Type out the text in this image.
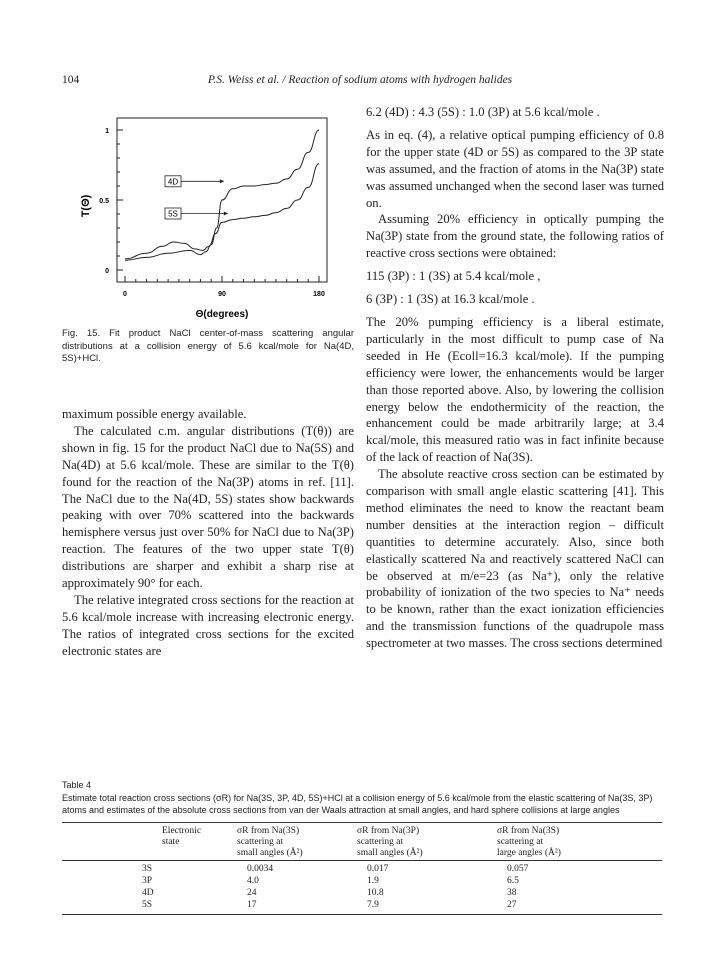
104	P.S. Weiss et al. / Reaction of sodium atoms with hydrogen halides
0
0.5
1
0	90	180
4D
5S
T(Θ)
Θ(degrees)
Fig. 15. Fit product NaCl center-of-mass scattering angular distributions at a collision energy of 5.6 kcal/mole for Na(4D, 5S)+HCl.

maximum possible energy available.

The calculated c.m. angular distributions (T(θ)) are shown in fig. 15 for the product NaCl due to Na(5S) and Na(4D) at 5.6 kcal/mole. These are similar to the T(θ) found for the reaction of the Na(3P) atoms in ref. [11]. The NaCl due to the Na(4D, 5S) states show backwards peaking with over 70% scattered into the backwards hemisphere versus just over 50% for NaCl due to Na(3P) reaction. The features of the two upper state T(θ) distributions are sharper and exhibit a sharp rise at approximately 90° for each.

The relative integrated cross sections for the reaction at 5.6 kcal/mole increase with increasing electronic energy. The ratios of integrated cross sections for the excited electronic states are

6.2 (4D) : 4.3 (5S) : 1.0 (3P) at 5.6 kcal/mole .

As in eq. (4), a relative optical pumping efficiency of 0.8 for the upper state (4D or 5S) as compared to the 3P state was assumed, and the fraction of atoms in the Na(3P) state was assumed unchanged when the second laser was turned on.

Assuming 20% efficiency in optically pumping the Na(3P) state from the ground state, the following ratios of reactive cross sections were obtained:

115 (3P) : 1 (3S) at 5.4 kcal/mole ,

6 (3P) : 1 (3S) at 16.3 kcal/mole .

The 20% pumping efficiency is a liberal estimate, particularly in the most difficult to pump case of Na seeded in He (Ecoll=16.3 kcal/mole). If the pumping efficiency were lower, the enhancements would be larger than those reported above. Also, by lowering the collision energy below the endothermicity of the reaction, the enhancement could be made arbitrarily large; at 3.4 kcal/mole, this measured ratio was in fact infinite because of the lack of reaction of Na(3S).

The absolute reactive cross section can be estimated by comparison with small angle elastic scattering [41]. This method eliminates the need to know the reactant beam number densities at the interaction region – difficult quantities to determine accurately. Also, since both elastically scattered Na and reactively scattered NaCl can be observed at m/e=23 (as Na⁺), only the relative probability of ionization of the two species to Na⁺ needs to be known, rather than the exact ionization efficiencies and the transmission functions of the quadrupole mass spectrometer at two masses. The cross sections determined

Table 4
Estimate total reaction cross sections (σR) for Na(3S, 3P, 4D, 5S)+HCl at a collision energy of 5.6 kcal/mole from the elastic scattering of Na(3S, 3P) atoms and estimates of the absolute cross sections from van der Waals attraction at small angles, and hard sphere collisions at large angles
Electronic
state
σR from Na(3S)
scattering at
small angles (Å²)
σR from Na(3P)
scattering at
small angles (Å²)
σR from Na(3S)
scattering at
large angles (Å²)
3S	0.0034	0.017	0.057
3P	4.0	1.9	6.5
4D	24	10.8	38
5S	17	7.9	27
